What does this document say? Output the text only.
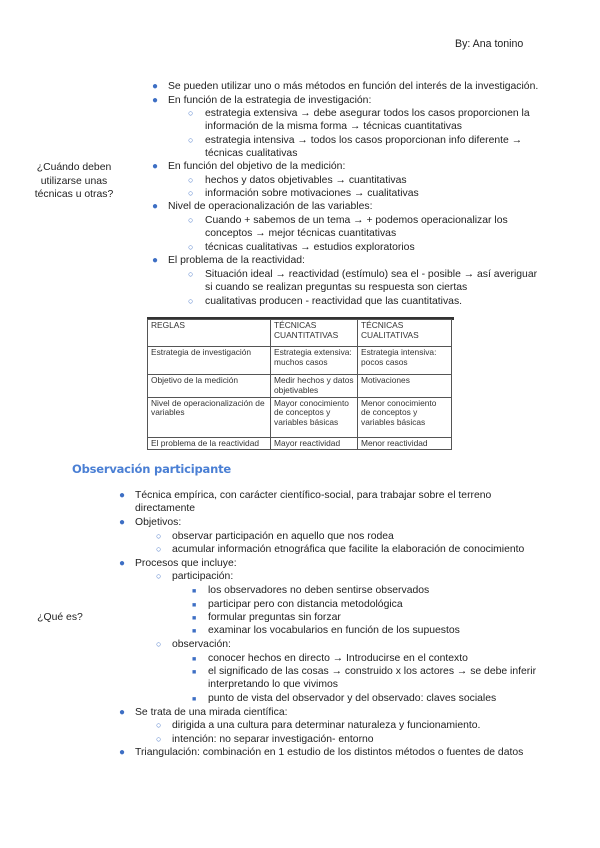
By: Ana tonino
¿Cuándo deben utilizarse unas técnicas u otras?
● Se pueden utilizar uno o más métodos en función del interés de la investigación.
● En función de la estrategia de investigación:
○ estrategia extensiva → debe asegurar todos los casos proporcionen la
información de la misma forma → técnicas cuantitativas
○ estrategia intensiva → todos los casos proporcionan info diferente →
técnicas cualitativas
● En función del objetivo de la medición:
○ hechos y datos objetivables → cuantitativas
○ información sobre motivaciones → cualitativas
● Nivel de operacionalización de las variables:
○ Cuando + sabemos de un tema → + podemos operacionalizar los
conceptos → mejor técnicas cuantitativas
○ técnicas cualitativas → estudios exploratorios
● El problema de la reactividad:
○ Situación ideal → reactividad (estímulo) sea el - posible → así averiguar
si cuando se realizan preguntas su respuesta son ciertas
○ cualitativas producen - reactividad que las cuantitativas.
REGLAS	TÉCNICAS CUANTITATIVAS	TÉCNICAS CUALITATIVAS
Estrategia de investigación	Estrategia extensiva: muchos casos	Estrategia intensiva: pocos casos
Objetivo de la medición	Medir hechos y datos objetivables	Motivaciones
Nivel de operacionalización de variables	Mayor conocimiento de conceptos y variables básicas	Menor conocimiento de conceptos y variables básicas
El problema de la reactividad	Mayor reactividad	Menor reactividad
Observación participante
¿Qué es?
● Técnica empírica, con carácter científico-social, para trabajar sobre el terreno
directamente
● Objetivos:
○ observar participación en aquello que nos rodea
○ acumular información etnográfica que facilite la elaboración de conocimiento
● Procesos que incluye:
○ participación:
■ los observadores no deben sentirse observados
■ participar pero con distancia metodológica
■ formular preguntas sin forzar
■ examinar los vocabularios en función de los supuestos
○ observación:
■ conocer hechos en directo → Introducirse en el contexto
■ el significado de las cosas → construido x los actores → se debe inferir
interpretando lo que vivimos
■ punto de vista del observador y del observado: claves sociales
● Se trata de una mirada científica:
○ dirigida a una cultura para determinar naturaleza y funcionamiento.
○ intención: no separar investigación- entorno
● Triangulación: combinación en 1 estudio de los distintos métodos o fuentes de datos
